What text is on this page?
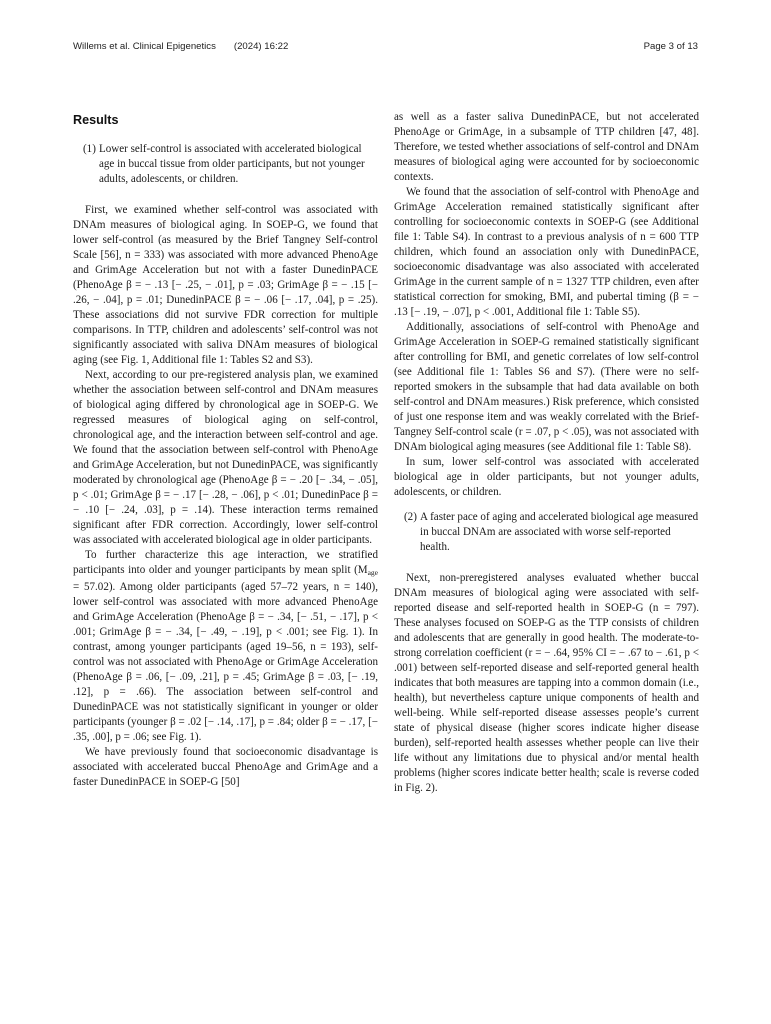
Willems et al. Clinical Epigenetics (2024) 16:22	Page 3 of 13
Results
(1) Lower self-control is associated with accelerated biological age in buccal tissue from older participants, but not younger adults, adolescents, or children.

First, we examined whether self-control was associated with DNAm measures of biological aging. In SOEP-G, we found that lower self-control (as measured by the Brief Tangney Self-control Scale [56], n = 333) was associated with more advanced PhenoAge and GrimAge Acceleration but not with a faster DunedinPACE (PhenoAge β = − .13 [− .25, − .01], p = .03; GrimAge β = − .15 [− .26, − .04], p = .01; DunedinPACE β = − .06 [− .17, .04], p = .25). These associations did not survive FDR correction for multiple comparisons. In TTP, children and adolescents’ self-control was not significantly associated with saliva DNAm measures of biological aging (see Fig. 1, Additional file 1: Tables S2 and S3).

Next, according to our pre-registered analysis plan, we examined whether the association between self-control and DNAm measures of biological aging differed by chronological age in SOEP-G. We regressed measures of biological aging on self-control, chronological age, and the interaction between self-control and age. We found that the association between self-control with PhenoAge and GrimAge Acceleration, but not DunedinPACE, was significantly moderated by chronological age (PhenoAge β = − .20 [− .34, − .05], p < .01; GrimAge β = − .17 [− .28, − .06], p < .01; DunedinPace β = − .10 [− .24, .03], p = .14). These interaction terms remained significant after FDR correction. Accordingly, lower self-control was associated with accelerated biological age in older participants.

To further characterize this age interaction, we stratified participants into older and younger participants by mean split $(M_{age} = 57.02)$. Among older participants (aged 57–72 years, n = 140), lower self-control was associated with more advanced PhenoAge and GrimAge Acceleration (PhenoAge β = − .34, [− .51, − .17], p < .001; GrimAge β = − .34, [− .49, − .19], p < .001; see Fig. 1). In contrast, among younger participants (aged 19–56, n = 193), self-control was not associated with PhenoAge or GrimAge Acceleration (PhenoAge β = .06, [− .09, .21], p = .45; GrimAge β = .03, [− .19, .12], p = .66). The association between self-control and DunedinPACE was not statistically significant in younger or older participants (younger β = .02 [− .14, .17], p = .84; older β = − .17, [− .35, .00], p = .06; see Fig. 1).

We have previously found that socioeconomic disadvantage is associated with accelerated buccal PhenoAge and GrimAge and a faster DunedinPACE in SOEP-G [50]

as well as a faster saliva DunedinPACE, but not accelerated PhenoAge or GrimAge, in a subsample of TTP children [47, 48]. Therefore, we tested whether associations of self-control and DNAm measures of biological aging were accounted for by socioeconomic contexts.

We found that the association of self-control with PhenoAge and GrimAge Acceleration remained statistically significant after controlling for socioeconomic contexts in SOEP-G (see Additional file 1: Table S4). In contrast to a previous analysis of n = 600 TTP children, which found an association only with DunedinPACE, socioeconomic disadvantage was also associated with accelerated GrimAge in the current sample of n = 1327 TTP children, even after statistical correction for smoking, BMI, and pubertal timing (β = − .13 [− .19, − .07], p < .001, Additional file 1: Table S5).

Additionally, associations of self-control with PhenoAge and GrimAge Acceleration in SOEP-G remained statistically significant after controlling for BMI, and genetic correlates of low self-control (see Additional file 1: Tables S6 and S7). (There were no self-reported smokers in the subsample that had data available on both self-control and DNAm measures.) Risk preference, which consisted of just one response item and was weakly correlated with the Brief-Tangney Self-control scale (r = .07, p < .05), was not associated with DNAm biological aging measures (see Additional file 1: Table S8).

In sum, lower self-control was associated with accelerated biological age in older participants, but not younger adults, adolescents, or children.

(2) A faster pace of aging and accelerated biological age measured in buccal DNAm are associated with worse self-reported health.

Next, non-preregistered analyses evaluated whether buccal DNAm measures of biological aging were associated with self-reported disease and self-reported health in SOEP-G (n = 797). These analyses focused on SOEP-G as the TTP consists of children and adolescents that are generally in good health. The moderate-to-strong correlation coefficient (r = − .64, 95% CI = − .67 to − .61, p < .001) between self-reported disease and self-reported general health indicates that both measures are tapping into a common domain (i.e., health), but nevertheless capture unique components of health and well-being. While self-reported disease assesses people’s current state of physical disease (higher scores indicate higher disease burden), self-reported health assesses whether people can live their life without any limitations due to physical and/or mental health problems (higher scores indicate better health; scale is reverse coded in Fig. 2).
